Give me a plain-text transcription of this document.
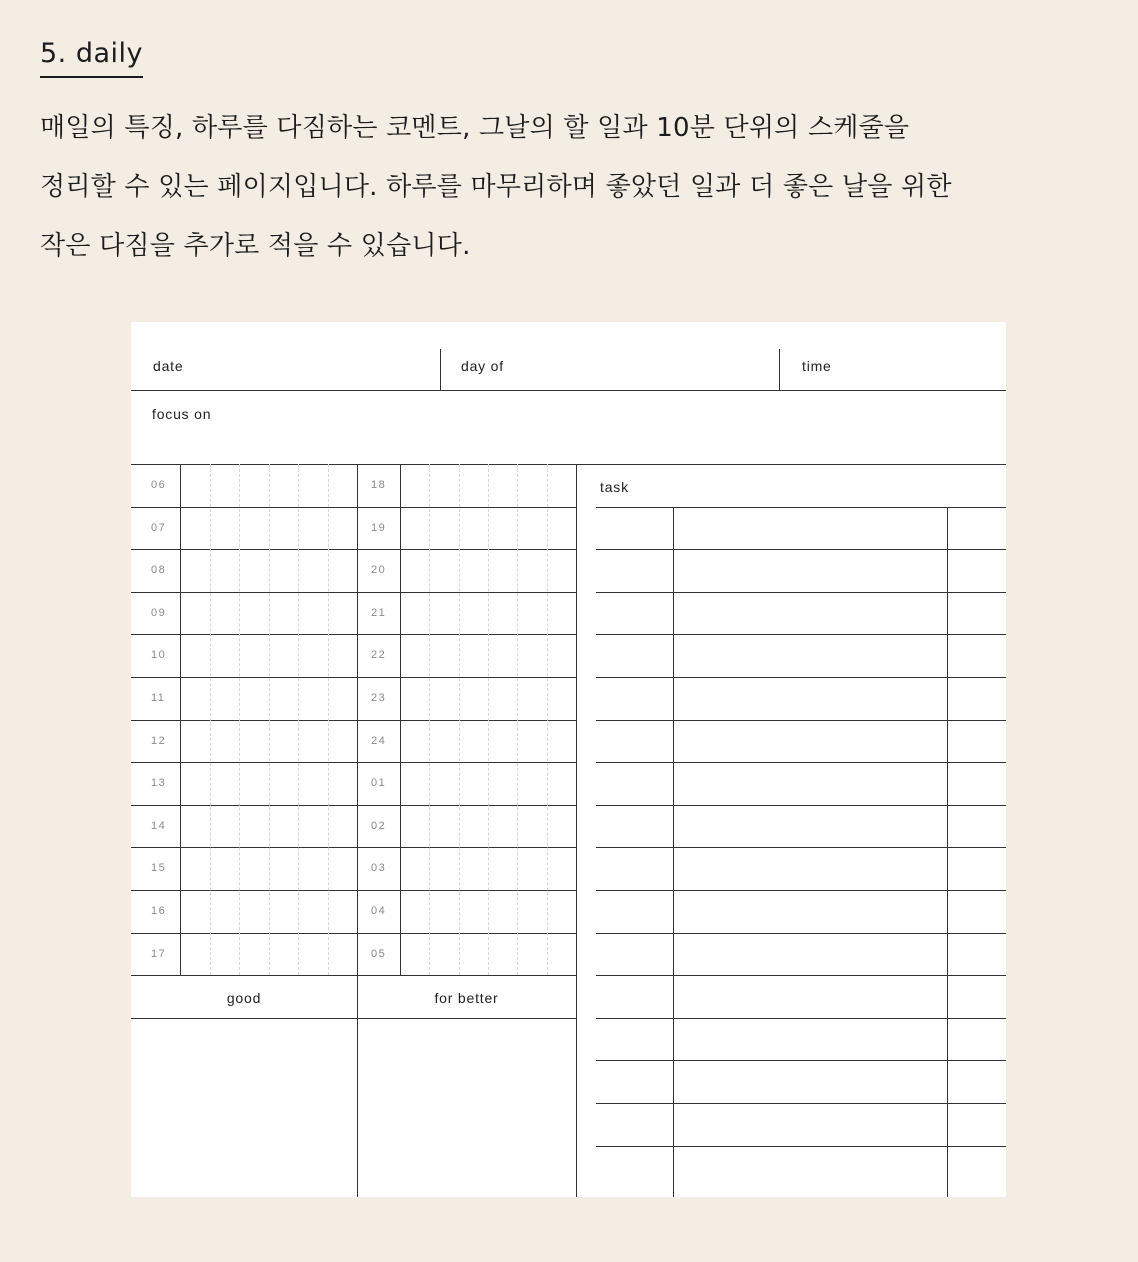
5. daily
매일의 특징, 하루를 다짐하는 코멘트, 그날의 할 일과 10분 단위의 스케줄을
정리할 수 있는 페이지입니다. 하루를 마무리하며 좋았던 일과 더 좋은 날을 위한
작은 다짐을 추가로 적을 수 있습니다.
date	day of	time
focus on
task
good	for better
06	18
07	19
08	20
09	21
10	22
11	23
12	24
13	01
14	02
15	03
16	04
17	05
